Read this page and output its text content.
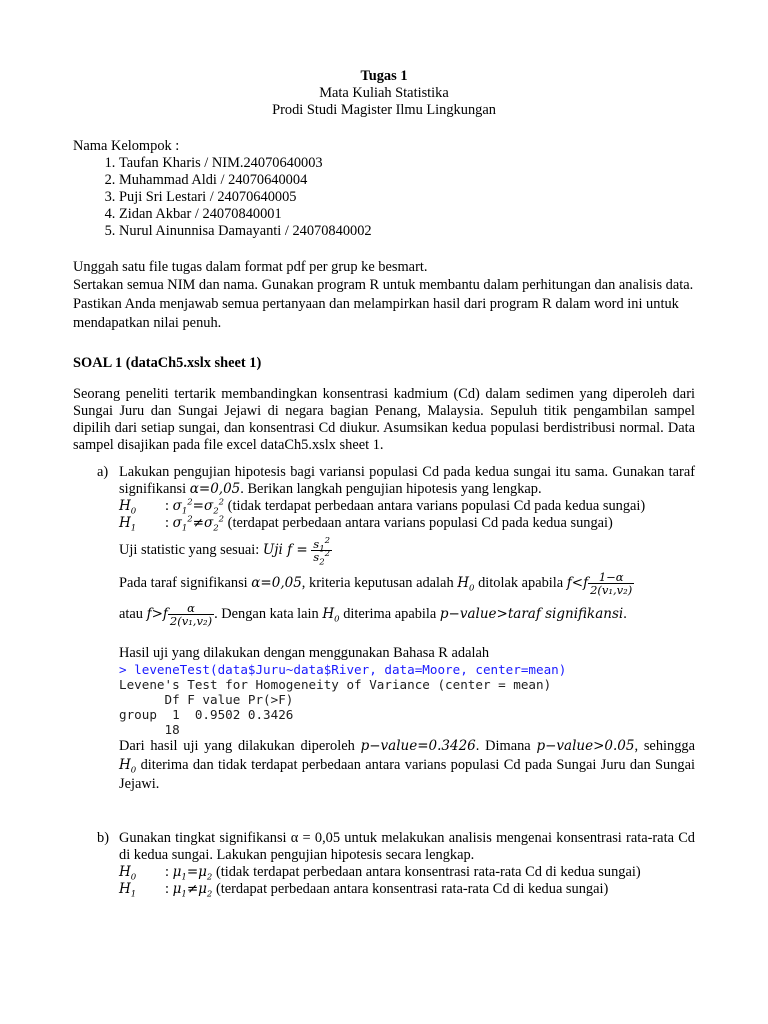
Tugas 1

Mata Kuliah Statistika

Prodi Studi Magister Ilmu Lingkungan

Nama Kelompok :

1. Taufan Kharis / NIM.24070640003
2. Muhammad Aldi / 24070640004
3. Puji Sri Lestari / 24070640005
4. Zidan Akbar / 24070840001
5. Nurul Ainunnisa Damayanti / 24070840002

Unggah satu file tugas dalam format pdf per grup ke besmart.

Sertakan semua NIM dan nama. Gunakan program R untuk membantu dalam perhitungan dan analisis data.

Pastikan Anda menjawab semua pertanyaan dan melampirkan hasil dari program R dalam word ini untuk mendapatkan nilai penuh.

SOAL 1 (dataCh5.xslx sheet 1)

Seorang peneliti tertarik membandingkan konsentrasi kadmium (Cd) dalam sedimen yang diperoleh dari Sungai Juru dan Sungai Jejawi di negara bagian Penang, Malaysia. Sepuluh titik pengambilan sampel dipilih dari setiap sungai, dan konsentrasi Cd diukur. Asumsikan kedua populasi berdistribusi normal. Data sampel disajikan pada file excel dataCh5.xslx sheet 1.

a) Lakukan pengujian hipotesis bagi variansi populasi Cd pada kedua sungai itu sama. Gunakan taraf signifikansi α=0,05. Berikan langkah pengujian hipotesis yang lengkap.

$H_0$	: $\sigma_1^2=\sigma_2^2$ (tidak terdapat perbedaan antara varians populasi Cd pada kedua sungai)
$H_1$	: $\sigma_1^2\ne\sigma_2^2$ (terdapat perbedaan antara varians populasi Cd pada kedua sungai)

Uji statistic yang sesuai: Uji $f = \frac{s_1^2}{s_2^2}$

Pada taraf signifikansi α=0,05, kriteria keputusan adalah $H_0$ ditolak apabila $f<f \frac{1-\alpha}{\text{2(v₁,v₂)}}$

atau $f>f \frac{\alpha}{\text{2(v₁,v₂)}}$ . Dengan kata lain $H_0$ diterima apabila p−value>taraf signifikansi.

Hasil uji yang dilakukan dengan menggunakan Bahasa R adalah

> leveneTest(data$Juru~data$River, data=Moore, center=mean)
Levene's Test for Homogeneity of Variance (center = mean)
Df F value Pr(>F)
group  1  0.9502 0.3426
18

Dari hasil uji yang dilakukan diperoleh p−value=0.3426. Dimana p−value>0.05, sehingga $H_0$ diterima dan tidak terdapat perbedaan antara varians populasi Cd pada Sungai Juru dan Sungai Jejawi.

b) Gunakan tingkat signifikansi α = 0,05 untuk melakukan analisis mengenai konsentrasi rata-rata Cd di kedua sungai. Lakukan pengujian hipotesis secara lengkap.

$H_0$	: $\mu_1=\mu_2$ (tidak terdapat perbedaan antara konsentrasi rata-rata Cd di kedua sungai)
$H_1$	: $\mu_1\ne\mu_2$ (terdapat perbedaan antara konsentrasi rata-rata Cd di kedua sungai)
